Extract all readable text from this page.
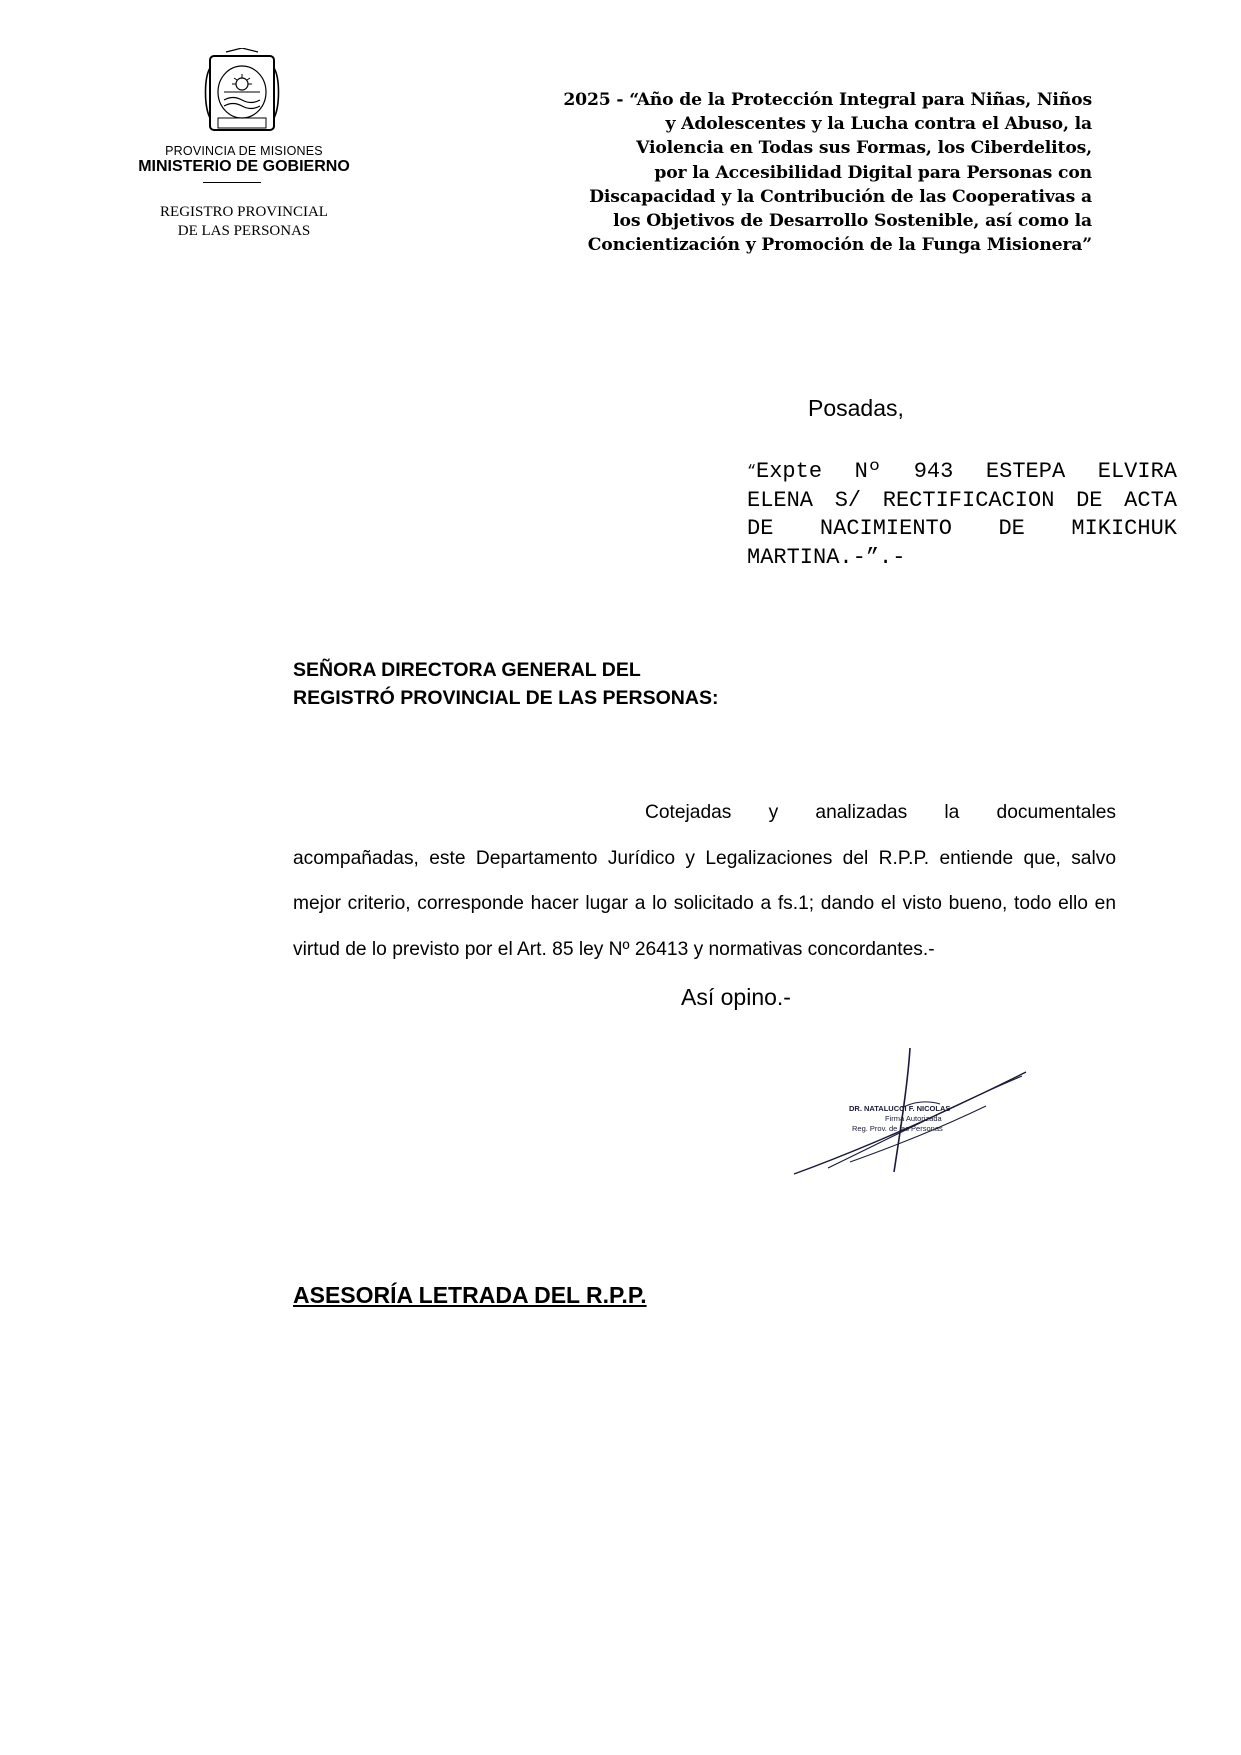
PROVINCIA DE MISIONES
MINISTERIO DE GOBIERNO
REGISTRO PROVINCIAL
DE LAS PERSONAS
2025 - “Año de la Protección Integral para Niñas, Niños
y Adolescentes y la Lucha contra el Abuso, la
Violencia en Todas sus Formas, los Ciberdelitos,
por la Accesibilidad Digital para Personas con
Discapacidad y la Contribución de las Cooperativas a
los Objetivos de Desarrollo Sostenible, así como la
Concientización y Promoción de la Funga Misionera”
Posadas,
“Expte Nº 943 ESTEPA ELVIRA ELENA S/ RECTIFICACION DE ACTA DE NACIMIENTO DE MIKICHUK MARTINA.-”.-
SEÑORA DIRECTORA GENERAL DEL
REGISTRÓ PROVINCIAL DE LAS PERSONAS:
Cotejadas y analizadas la documentales acompañadas, este Departamento Jurídico y Legalizaciones del R.P.P. entiende que, salvo mejor criterio, corresponde hacer lugar a lo solicitado a fs.1; dando el visto bueno, todo ello en virtud de lo previsto por el Art. 85 ley Nº 26413 y normativas concordantes.-
Así opino.-
DR. NATALUCCI F. NICOLAS
Firma Autorizada
Reg. Prov. de las Personas
ASESORÍA LETRADA DEL R.P.P.
